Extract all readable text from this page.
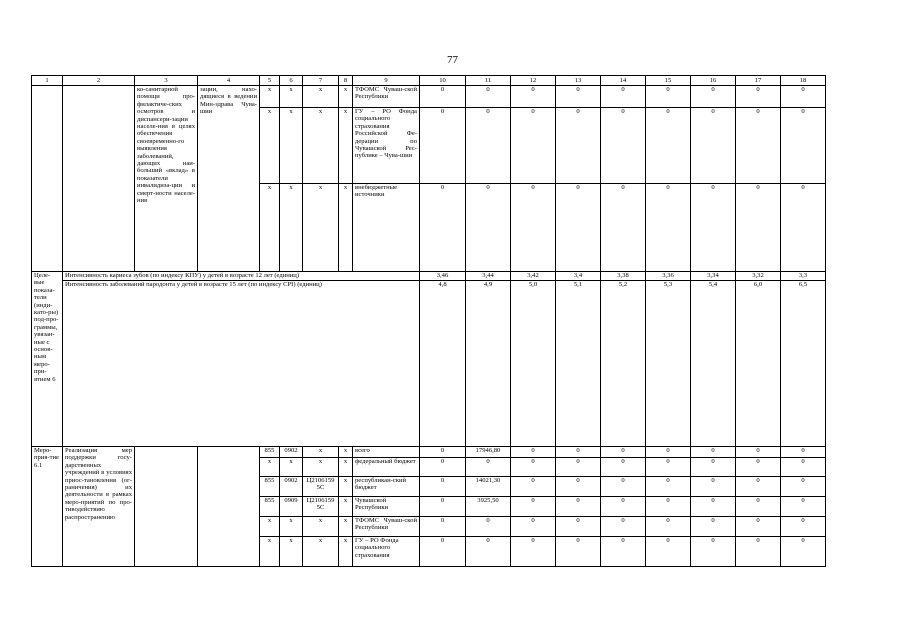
77
1	2	3	4	5	6	7	8	9	10	11	12	13	14	15	16	17	18
		ко-санитарной помощи про-филактиче-ских осмотров и диспансери-зации населе-ния в целях обеспечения своевременно-го выявления заболеваний, дающих наи-больший «вклад» в показатели инвалидиза-ции и смерт-ности населе-ния	зации, нахо-дящиеся в ведении Мин-здрава Чува-шии	x	x	x	x	ТФОМС Чуваш-ской Республики	0	0	0	0	0	0	0	0	0
				x	x	x	x	ГУ – РО Фонда социального страхования Российской Фе-дерации по Чувашской Рес-публике – Чува-шии	0	0	0	0	0	0	0	0	0
				x	x	x	x	внебюджетные источники	0	0	0	0	0	0	0	0	0
Целе-вые показа-тели (инди-като-ры) под-про-граммы, увязан-ные с основ-ным меро-при-ятием 6	Интенсивность кариеса зубов (по индексу КПУ) у детей в возрасте 12 лет (единиц)								3,46	3,44	3,42	3,4	3,38	3,36	3,34	3,32	3,3
	Интенсивность заболеваний пародонта у детей в возрасте 15 лет (по индексу CPI) (единиц)								4,8	4,9	5,0	5,1	5,2	5,3	5,4	6,0	6,5
Меро-прия-тие 6.1	Реализация мер поддержки госу-дарственных учреждений в условиях приос-тановления (ог-раничения) их деятельности в рамках меро-приятий по про-тиводействию распространению			855	0902	x	x	всего	0	17946,80	0	0	0	0	0	0	0
				x	x	x	x	федеральный бюджет	0	0	0	0	0	0	0	0	0
				855	0902	Ц2106159 5С	x	республикан-ский бюджет	0	14021,30	0	0	0	0	0	0	0
				855	0909	Ц2106159 5С	x	Чувашской Республики	0	3925,50	0	0	0	0	0	0	0
				x	x	x	x	ТФОМС Чуваш-ской Республики	0	0	0	0	0	0	0	0	0
				x	x	x	x	ГУ – РО Фонда социального страхования	0	0	0	0	0	0	0	0	0
